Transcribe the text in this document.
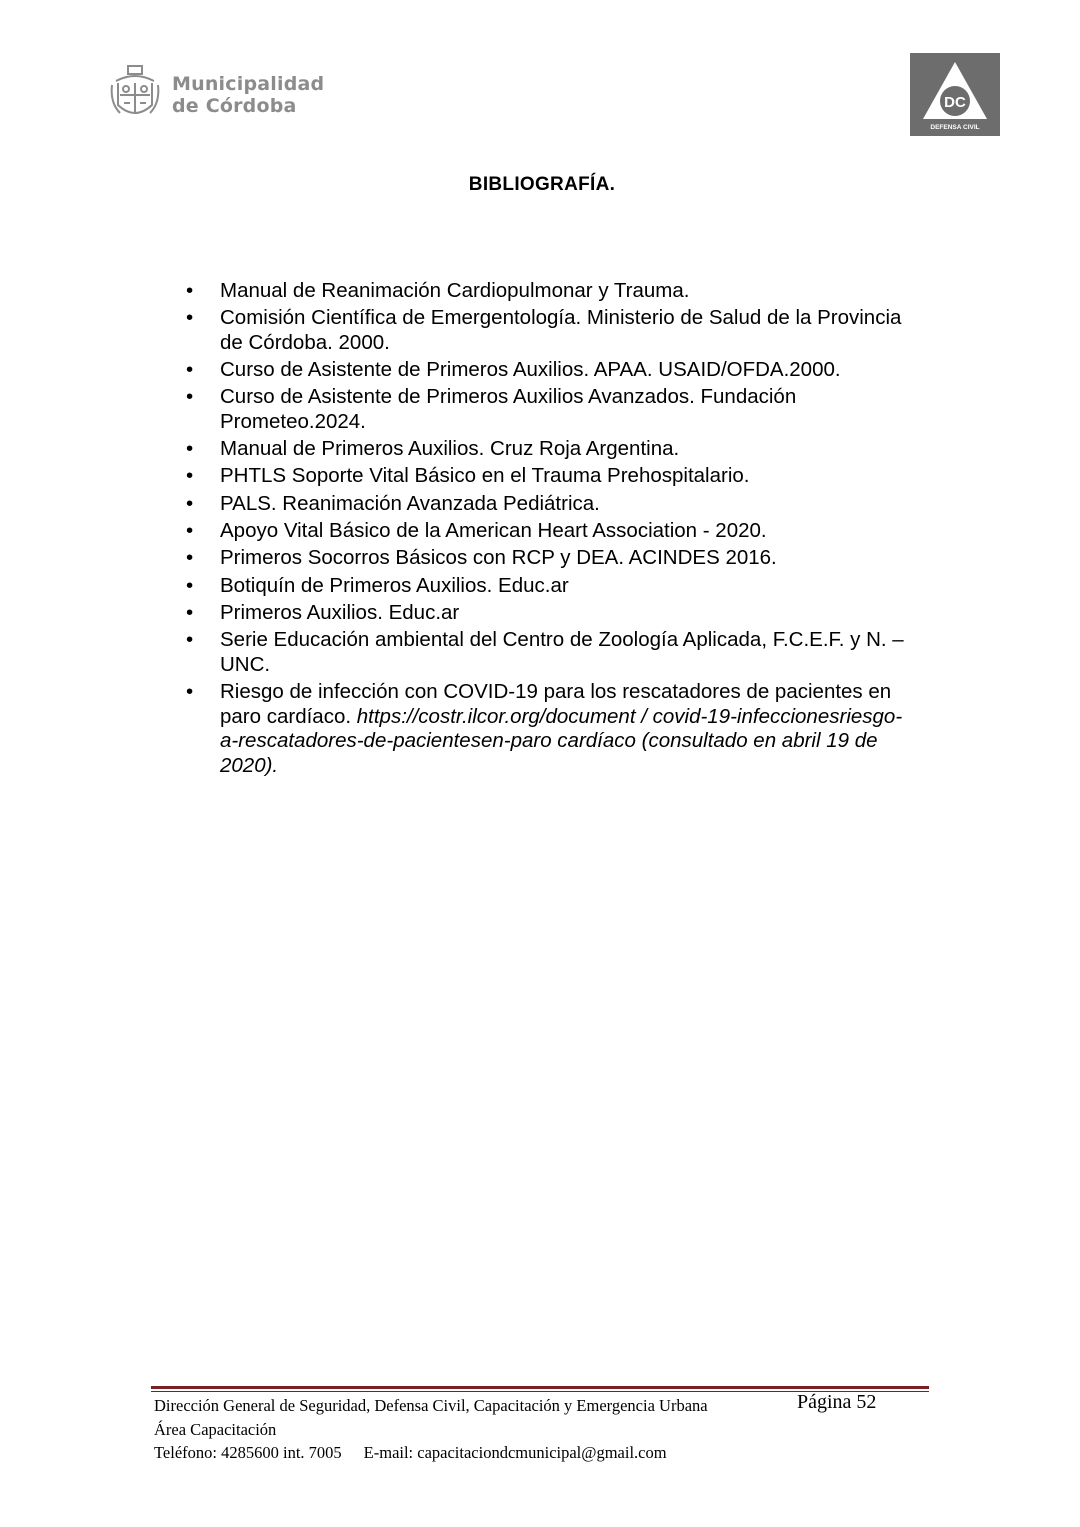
Municipalidad
de Córdoba	DC
DEFENSA CIVIL
BIBLIOGRAFÍA.
• Manual de Reanimación Cardiopulmonar y Trauma.
• Comisión Científica de Emergentología. Ministerio de Salud de la Provincia de Córdoba. 2000.
• Curso de Asistente de Primeros Auxilios. APAA. USAID/OFDA.2000.
• Curso de Asistente de Primeros Auxilios Avanzados. Fundación Prometeo.2024.
• Manual de Primeros Auxilios. Cruz Roja Argentina.
• PHTLS Soporte Vital Básico en el Trauma Prehospitalario.
• PALS. Reanimación Avanzada Pediátrica.
• Apoyo Vital Básico de la American Heart Association - 2020.
• Primeros Socorros Básicos con RCP y DEA. ACINDES 2016.
• Botiquín de Primeros Auxilios. Educ.ar
• Primeros Auxilios. Educ.ar
• Serie Educación ambiental del Centro de Zoología Aplicada, F.C.E.F. y N. – UNC.
• Riesgo de infección con COVID-19 para los rescatadores de pacientes en paro cardíaco. https://costr.ilcor.org/document / covid-19-infeccionesriesgo-a-rescatadores-de-pacientesen-paro cardíaco (consultado en abril 19 de 2020).
Dirección General de Seguridad, Defensa Civil, Capacitación y Emergencia Urbana
Área Capacitación
Teléfono: 4285600 int. 7005 E-mail: capacitaciondcmunicipal@gmail.com
Página 52
